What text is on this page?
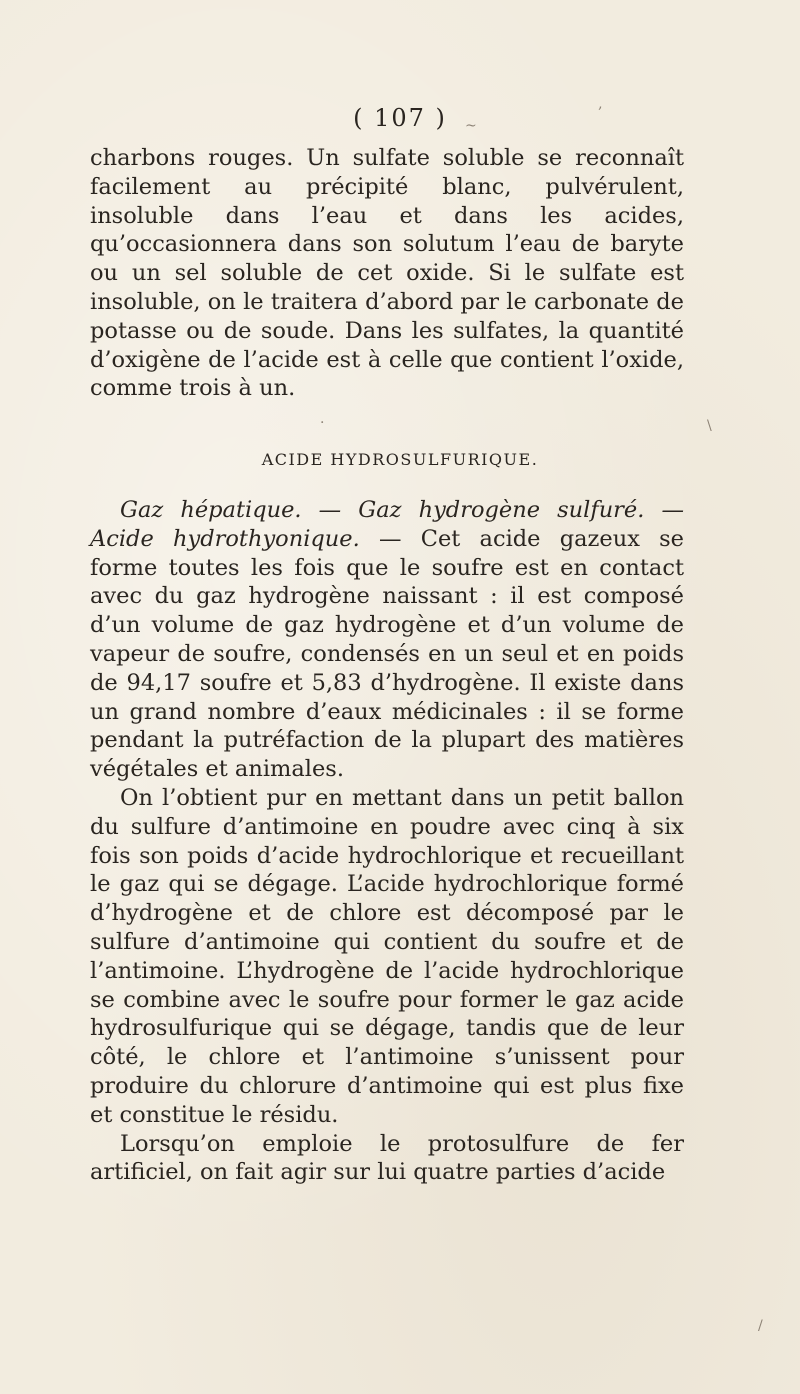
‚
~
·	\
/
( 107 )

charbons rouges. Un sulfate soluble se reconnaît facilement au précipité blanc, pulvérulent, insoluble dans l’eau et dans les acides, qu’occasionnera dans son solutum l’eau de baryte ou un sel soluble de cet oxide. Si le sulfate est insoluble, on le traitera d’abord par le carbonate de potasse ou de soude. Dans les sulfates, la quantité d’oxigène de l’acide est à celle que contient l’oxide, comme trois à un.

ACIDE HYDROSULFURIQUE.

Gaz hépatique. — Gaz hydrogène sulfuré. — Acide hydrothyonique. — Cet acide gazeux se forme toutes les fois que le soufre est en contact avec du gaz hydrogène naissant : il est composé d’un volume de gaz hydrogène et d’un volume de vapeur de soufre, condensés en un seul et en poids de 94,17 soufre et 5,83 d’hydrogène. Il existe dans un grand nombre d’eaux médicinales : il se forme pendant la putréfaction de la plupart des matières végétales et animales.

On l’obtient pur en mettant dans un petit ballon du sulfure d’antimoine en poudre avec cinq à six fois son poids d’acide hydrochlorique et recueillant le gaz qui se dégage. L’acide hydrochlorique formé d’hydrogène et de chlore est décomposé par le sulfure d’antimoine qui contient du soufre et de l’antimoine. L’hydrogène de l’acide hydrochlorique se combine avec le soufre pour former le gaz acide hydrosulfurique qui se dégage, tandis que de leur côté, le chlore et l’antimoine s’unissent pour produire du chlorure d’antimoine qui est plus fixe et constitue le résidu.

Lorsqu’on emploie le protosulfure de fer artificiel, on fait agir sur lui quatre parties d’acide
